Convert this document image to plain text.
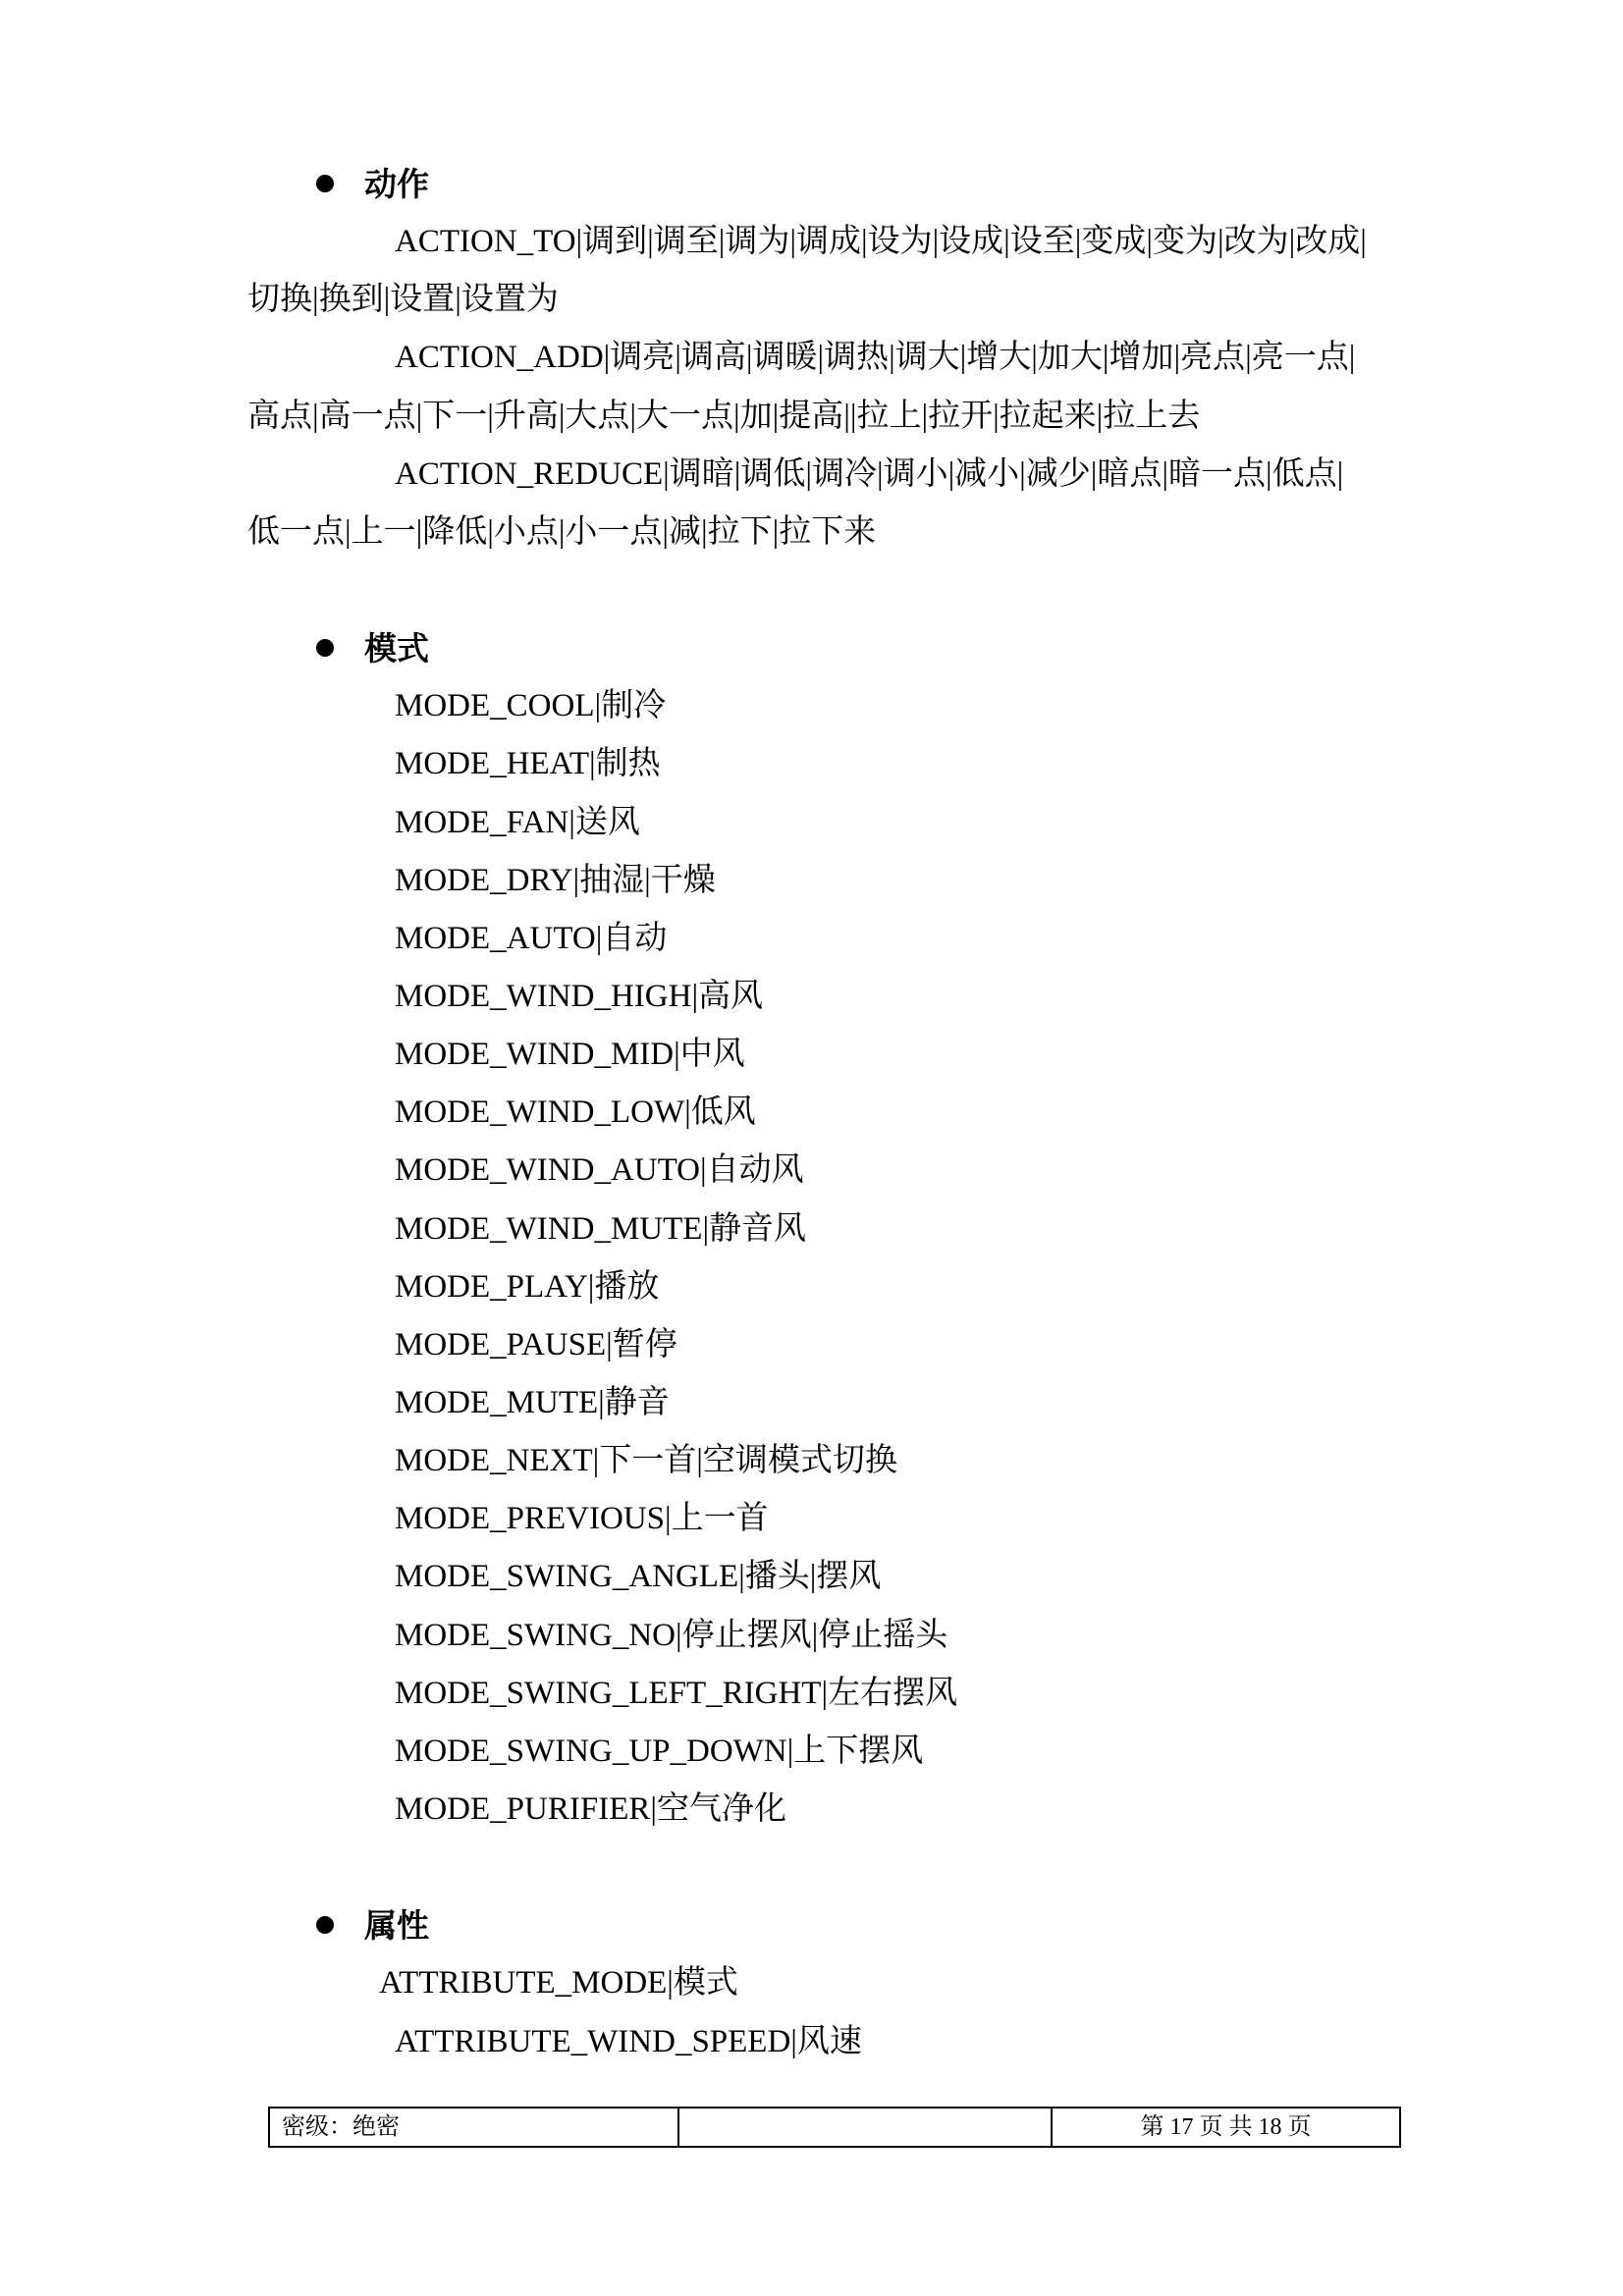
动作
ACTION_TO|调到|调至|调为|调成|设为|设成|设至|变成|变为|改为|改成|
切换|换到|设置|设置为
ACTION_ADD|调亮|调高|调暖|调热|调大|增大|加大|增加|亮点|亮一点|
高点|高一点|下一|升高|大点|大一点|加|提高||拉上|拉开|拉起来|拉上去
ACTION_REDUCE|调暗|调低|调冷|调小|减小|减少|暗点|暗一点|低点|
低一点|上一|降低|小点|小一点|减|拉下|拉下来
模式
MODE_COOL|制冷
MODE_HEAT|制热
MODE_FAN|送风
MODE_DRY|抽湿|干燥
MODE_AUTO|自动
MODE_WIND_HIGH|高风
MODE_WIND_MID|中风
MODE_WIND_LOW|低风
MODE_WIND_AUTO|自动风
MODE_WIND_MUTE|静音风
MODE_PLAY|播放
MODE_PAUSE|暂停
MODE_MUTE|静音
MODE_NEXT|下一首|空调模式切换
MODE_PREVIOUS|上一首
MODE_SWING_ANGLE|播头|摆风
MODE_SWING_NO|停止摆风|停止摇头
MODE_SWING_LEFT_RIGHT|左右摆风
MODE_SWING_UP_DOWN|上下摆风
MODE_PURIFIER|空气净化
属性
ATTRIBUTE_MODE|模式
ATTRIBUTE_WIND_SPEED|风速
密级：绝密		第 17 页 共 18 页
